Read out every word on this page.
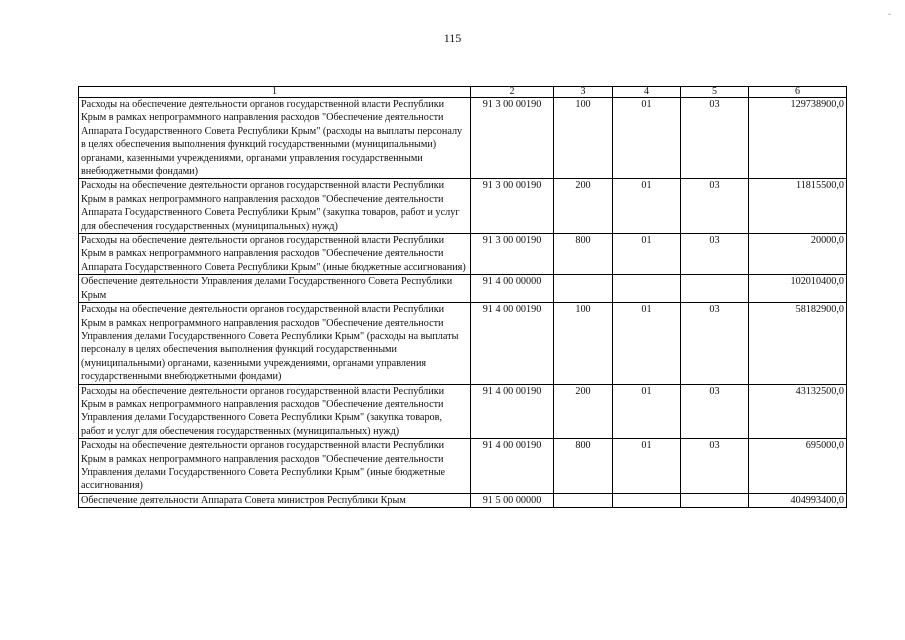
115
ˇ
1	2	3	4	5	6
Расходы на обеспечение деятельности органов государственной власти Республики Крым в рамках непрограммного направления расходов "Обеспечение деятельности Аппарата Государственного Совета Республики Крым" (расходы на выплаты персоналу в целях обеспечения выполнения функций государственными (муниципальными) органами, казенными учреждениями, органами управления государственными внебюджетными фондами)	91 3 00 00190	100	01	03	129738900,0
Расходы на обеспечение деятельности органов государственной власти Республики Крым в рамках непрограммного направления расходов "Обеспечение деятельности Аппарата Государственного Совета Республики Крым" (закупка товаров, работ и услуг для обеспечения государственных (муниципальных) нужд)	91 3 00 00190	200	01	03	11815500,0
Расходы на обеспечение деятельности органов государственной власти Республики Крым в рамках непрограммного направления расходов "Обеспечение деятельности Аппарата Государственного Совета Республики Крым" (иные бюджетные ассигнования)	91 3 00 00190	800	01	03	20000,0
Обеспечение деятельности Управления делами Государственного Совета Республики Крым	91 4 00 00000				102010400,0
Расходы на обеспечение деятельности органов государственной власти Республики Крым в рамках непрограммного направления расходов "Обеспечение деятельности Управления делами Государственного Совета Республики Крым" (расходы на выплаты персоналу в целях обеспечения выполнения функций государственными (муниципальными) органами, казенными учреждениями, органами управления государственными внебюджетными фондами)	91 4 00 00190	100	01	03	58182900,0
Расходы на обеспечение деятельности органов государственной власти Республики Крым в рамках непрограммного направления расходов "Обеспечение деятельности Управления делами Государственного Совета Республики Крым" (закупка товаров, работ и услуг для обеспечения государственных (муниципальных) нужд)	91 4 00 00190	200	01	03	43132500,0
Расходы на обеспечение деятельности органов государственной власти Республики Крым в рамках непрограммного направления расходов "Обеспечение деятельности Управления делами Государственного Совета Республики Крым" (иные бюджетные ассигнования)	91 4 00 00190	800	01	03	695000,0
Обеспечение деятельности Аппарата Совета министров Республики Крым	91 5 00 00000				404993400,0
